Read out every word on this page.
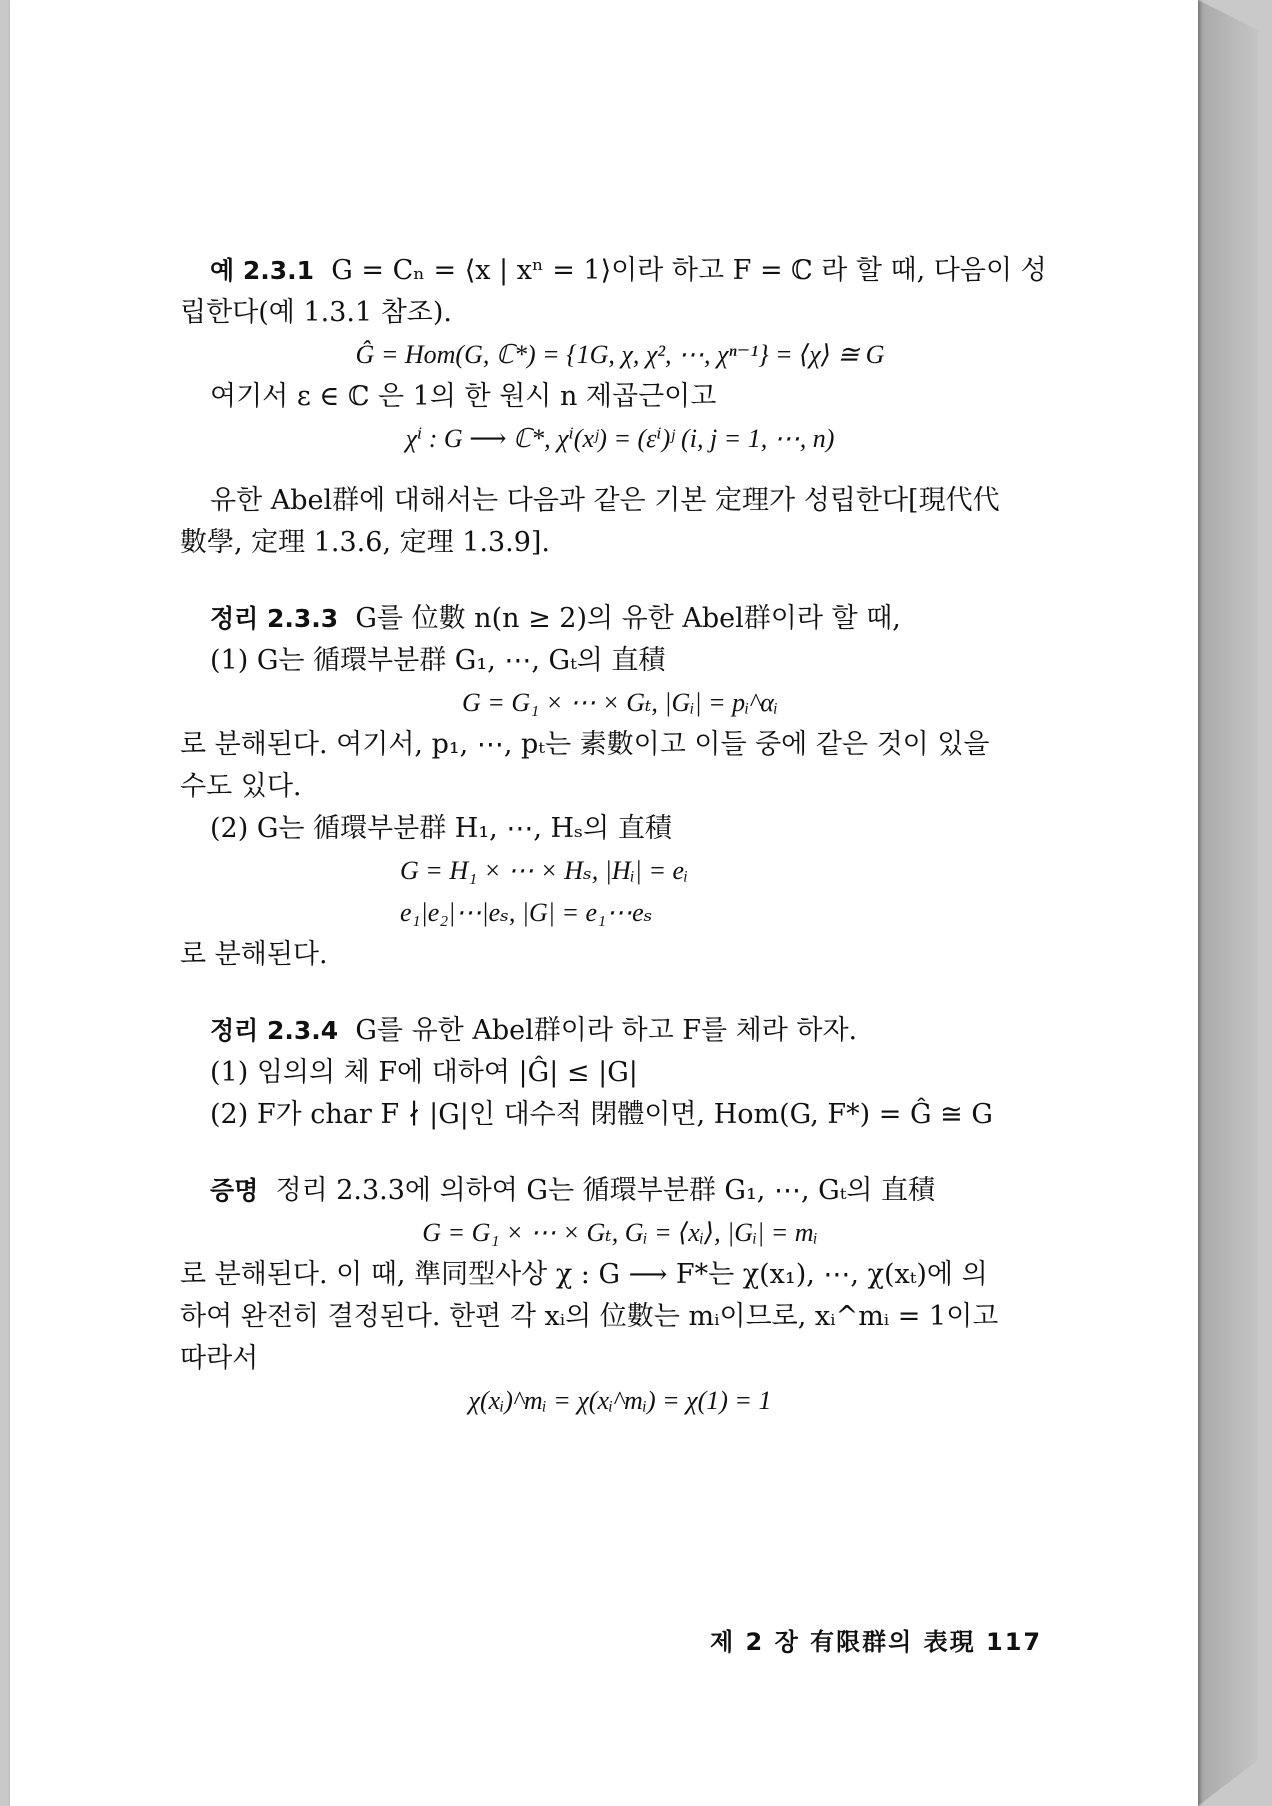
예 2.3.1 G = Cₙ = ⟨x | xⁿ = 1⟩이라 하고 F = ℂ 라 할 때, 다음이 성

립한다(예 1.3.1 참조).

Ĝ = Hom(G, ℂ*) = {1G, χ, χ², ⋯, χⁿ⁻¹} = ⟨χ⟩ ≅ G

여기서 ε ∈ ℂ 은 1의 한 원시 n 제곱근이고

χⁱ : G ⟶ ℂ*, χⁱ(xʲ) = (εⁱ)ʲ (i, j = 1, ⋯, n)

유한 Abel群에 대해서는 다음과 같은 기본 定理가 성립한다[現代代

數學, 定理 1.3.6, 定理 1.3.9].

정리 2.3.3 G를 位數 n(n ≥ 2)의 유한 Abel群이라 할 때,

(1) G는 循環부분群 G₁, ⋯, Gₜ의 直積

G = G₁ × ⋯ × Gₜ, |Gᵢ| = pᵢ^αᵢ

로 분해된다. 여기서, p₁, ⋯, pₜ는 素數이고 이들 중에 같은 것이 있을

수도 있다.

(2) G는 循環부분群 H₁, ⋯, Hₛ의 直積

G = H₁ × ⋯ × Hₛ, |Hᵢ| = eᵢ
e₁|e₂|⋯|eₛ, |G| = e₁⋯eₛ

로 분해된다.

정리 2.3.4 G를 유한 Abel群이라 하고 F를 체라 하자.

(1) 임의의 체 F에 대하여 |Ĝ| ≤ |G|

(2) F가 char F ∤ |G|인 대수적 閉體이면, Hom(G, F*) = Ĝ ≅ G

증명 정리 2.3.3에 의하여 G는 循環부분群 G₁, ⋯, Gₜ의 直積

G = G₁ × ⋯ × Gₜ, Gᵢ = ⟨xᵢ⟩, |Gᵢ| = mᵢ

로 분해된다. 이 때, 準同型사상 χ : G ⟶ F*는 χ(x₁), ⋯, χ(xₜ)에 의

하여 완전히 결정된다. 한편 각 xᵢ의 位數는 mᵢ이므로, xᵢ^mᵢ = 1이고

따라서

χ(xᵢ)^mᵢ = χ(xᵢ^mᵢ) = χ(1) = 1
제 2 장 有限群의 表現 117
